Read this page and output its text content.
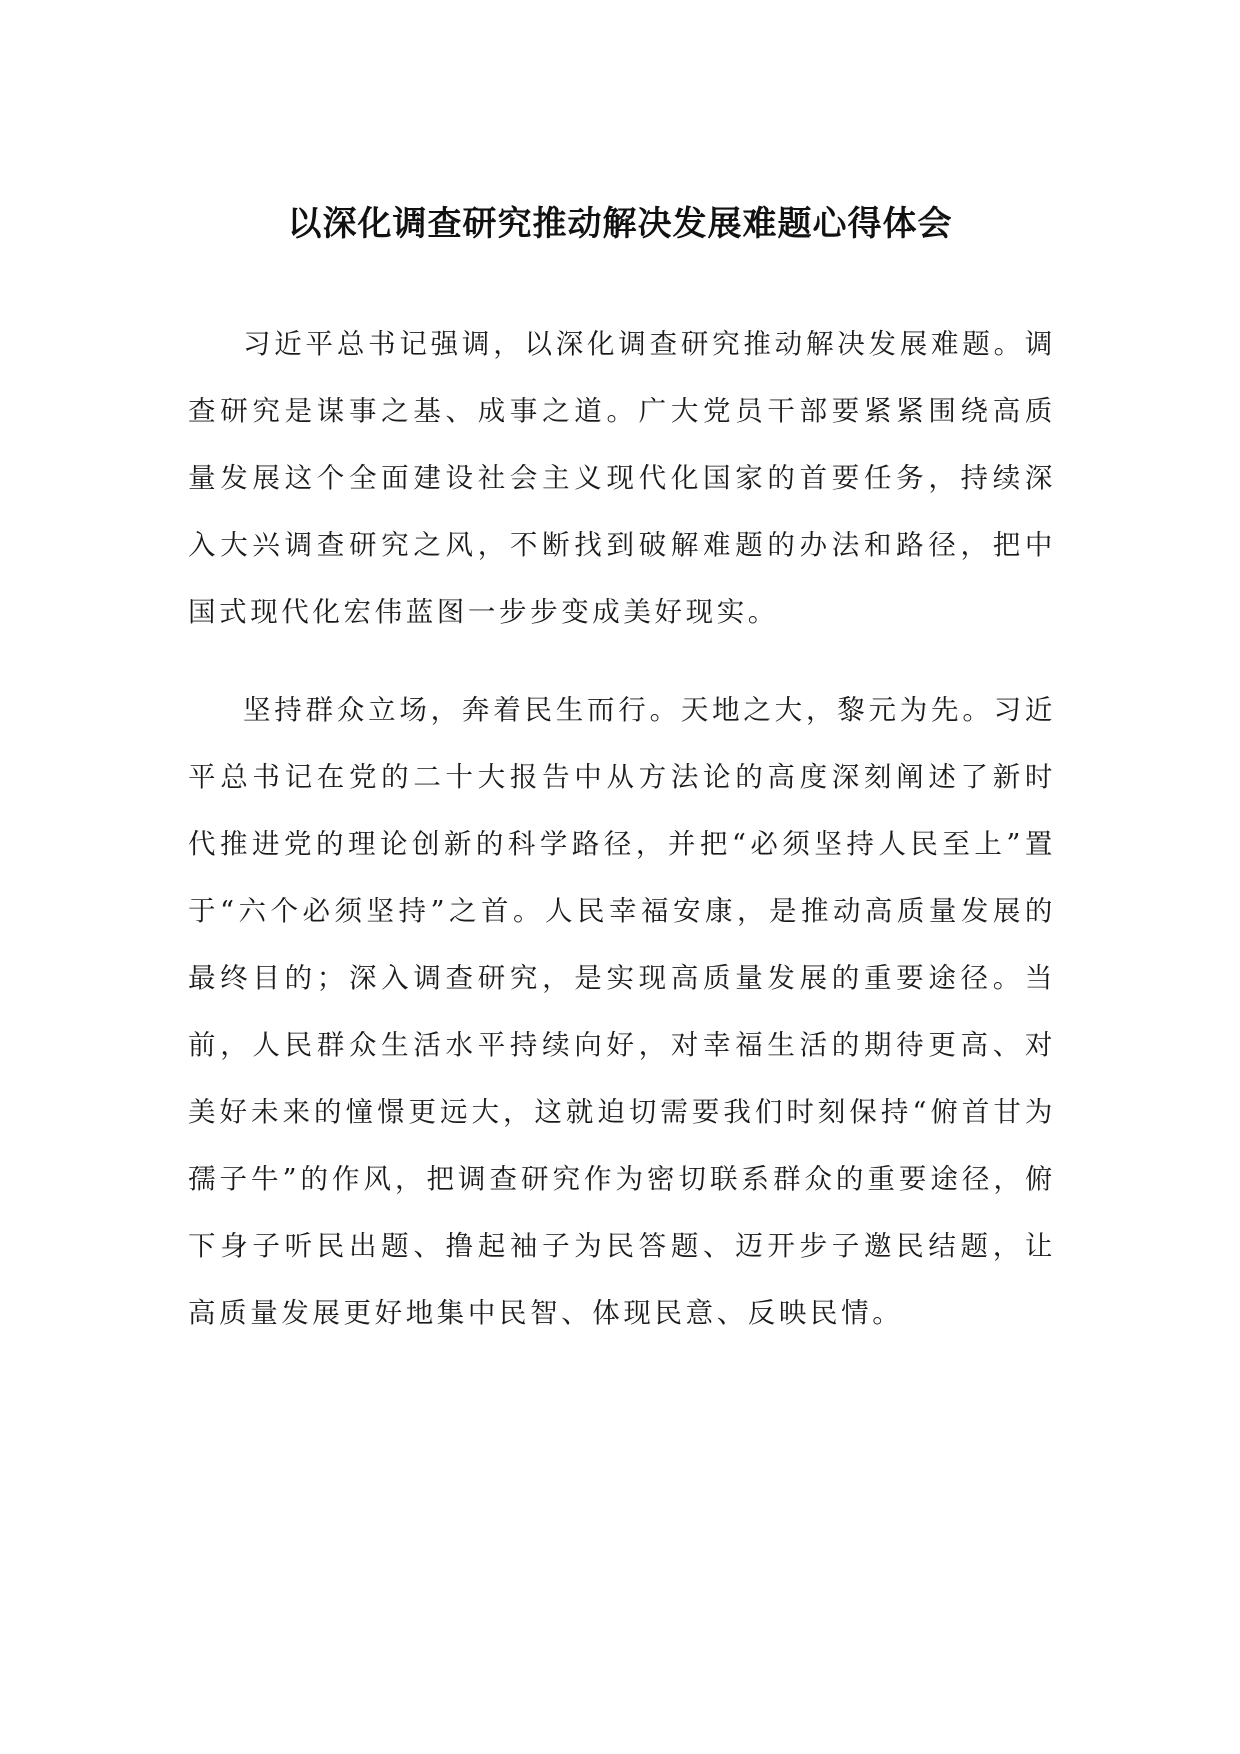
以深化调查研究推动解决发展难题心得体会

习近平总书记强调，以深化调查研究推动解决发展难题。调查研究是谋事之基、成事之道。广大党员干部要紧紧围绕高质量发展这个全面建设社会主义现代化国家的首要任务，持续深入大兴调查研究之风，不断找到破解难题的办法和路径，把中国式现代化宏伟蓝图一步步变成美好现实。

坚持群众立场，奔着民生而行。天地之大，黎元为先。习近平总书记在党的二十大报告中从方法论的高度深刻阐述了新时代推进党的理论创新的科学路径，并把“必须坚持人民至上”置于“六个必须坚持”之首。人民幸福安康，是推动高质量发展的最终目的；深入调查研究，是实现高质量发展的重要途径。当前，人民群众生活水平持续向好，对幸福生活的期待更高、对美好未来的憧憬更远大，这就迫切需要我们时刻保持“俯首甘为孺子牛”的作风，把调查研究作为密切联系群众的重要途径，俯下身子听民出题、撸起袖子为民答题、迈开步子邀民结题，让高质量发展更好地集中民智、体现民意、反映民情。
